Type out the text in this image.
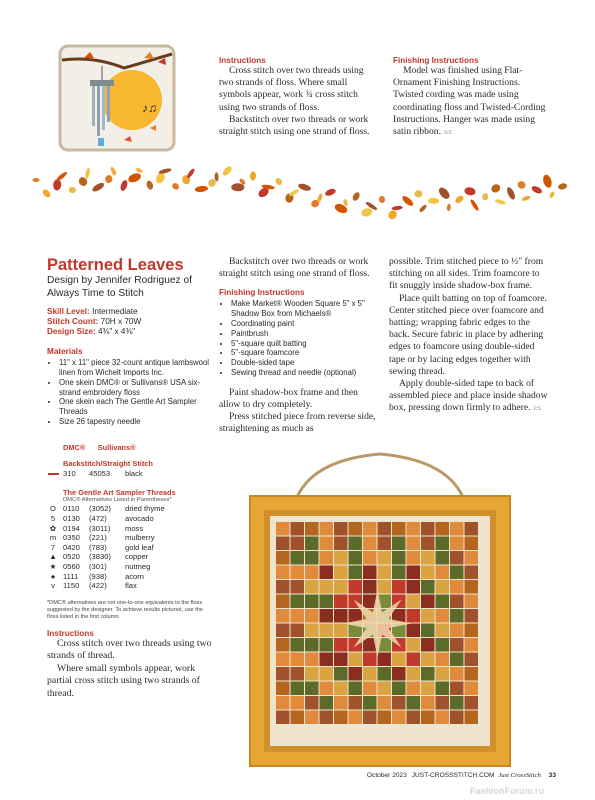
♪♫
Instructions

Cross stitch over two threads using two strands of floss. Where small symbols appear, work ¾ cross stitch using two strands of floss.

Backstitch over two threads or work straight stitch using one strand of floss.

Finishing Instructions

Model was finished using Flat-Ornament Finishing Instructions. Twisted cording was made using coordinating floss and Twisted-Cording Instructions. Hanger was made using satin ribbon. JcS

Patterned Leaves
Design by Jennifer Rodriguez of Always Time to Stitch
Skill Level: Intermediate
Stitch Count: 70H x 70W
Design Size: 4⅜" x 4⅜"
Materials
• 11" x 11" piece 32-count antique lambswool linen from Wichelt Imports Inc.
• One skein DMC® or Sullivans® USA six-strand embroidery floss
• One skein each The Gentle Art Sampler Threads
• Size 26 tapestry needle
DMC® Sullivans®
Backstitch/Straight Stitch
	310	45053	black
The Gentle Art Sampler Threads
DMC® Alternatives Listed in Parentheses*
O	0110	(3052)	dried thyme
5	0130	(472)	avocado
✿	0194	(3011)	moss
m	0350	(221)	mulberry
7	0420	(783)	gold leaf
▲	0520	(3830)	copper
★	0560	(301)	nutmeg
●	1111	(938)	acorn
v	1150	(422)	flax
*DMC® alternatives are not one-to-one equivalents to the floss suggested by the designer. To achieve results pictured, use the floss listed in the first column.
Instructions

Cross stitch over two threads using two strands of thread.

Where small symbols appear, work partial cross stitch using two strands of thread.

Backstitch over two threads or work straight stitch using one strand of floss.

Finishing Instructions
• Make Market® Wooden Square 5" x 5" Shadow Box from Michaels®
• Coordinating paint
• Paintbrush
• 5"-square quilt batting
• 5"-square foamcore
• Double-sided tape
• Sewing thread and needle (optional)

Paint shadow-box frame and then allow to dry completely.

Press stitched piece from reverse side, straightening as much as

possible. Trim stitched piece to ½" from stitching on all sides. Trim foamcore to fit snuggly inside shadow-box frame.

Place quilt batting on top of foamcore. Center stitched piece over foamcore and batting; wrapping fabric edges to the back. Secure fabric in place by adhering edges to foamcore using double-sided tape or by lacing edges together with sewing thread.

Apply double-sided tape to back of assembled piece and place inside shadow box, pressing down firmly to adhere. JcS

October 2023 JUST-CROSSSTITCH.COM Just CrossStitch 33
FashionForum.ru
